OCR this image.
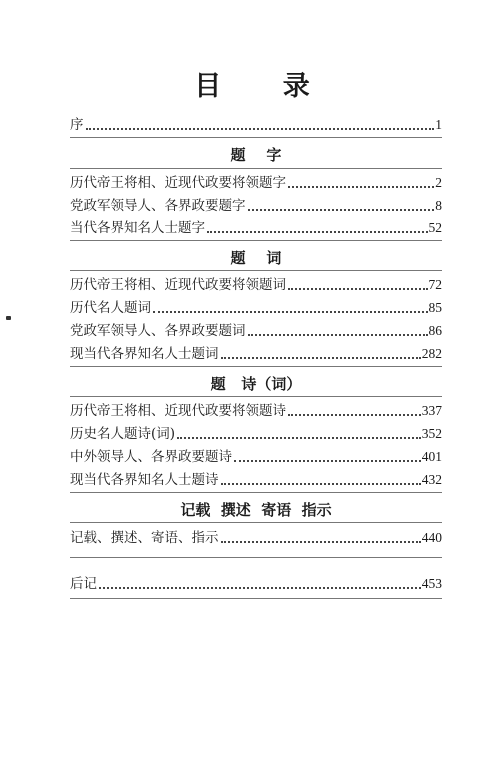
目 录
序	1
题    字
历代帝王将相、近现代政要将领题字	2
党政军领导人、各界政要题字	8
当代各界知名人士题字	52
题    词
历代帝王将相、近现代政要将领题词	72
历代名人题词	85
党政军领导人、各界政要题词	86
现当代各界知名人士题词	282
题   诗（词）
历代帝王将相、近现代政要将领题诗	337
历史名人题诗(词)	352
中外领导人、各界政要题诗	401
现当代各界知名人士题诗	432
记载  撰述  寄语  指示
记载、撰述、寄语、指示	440
后记	453
